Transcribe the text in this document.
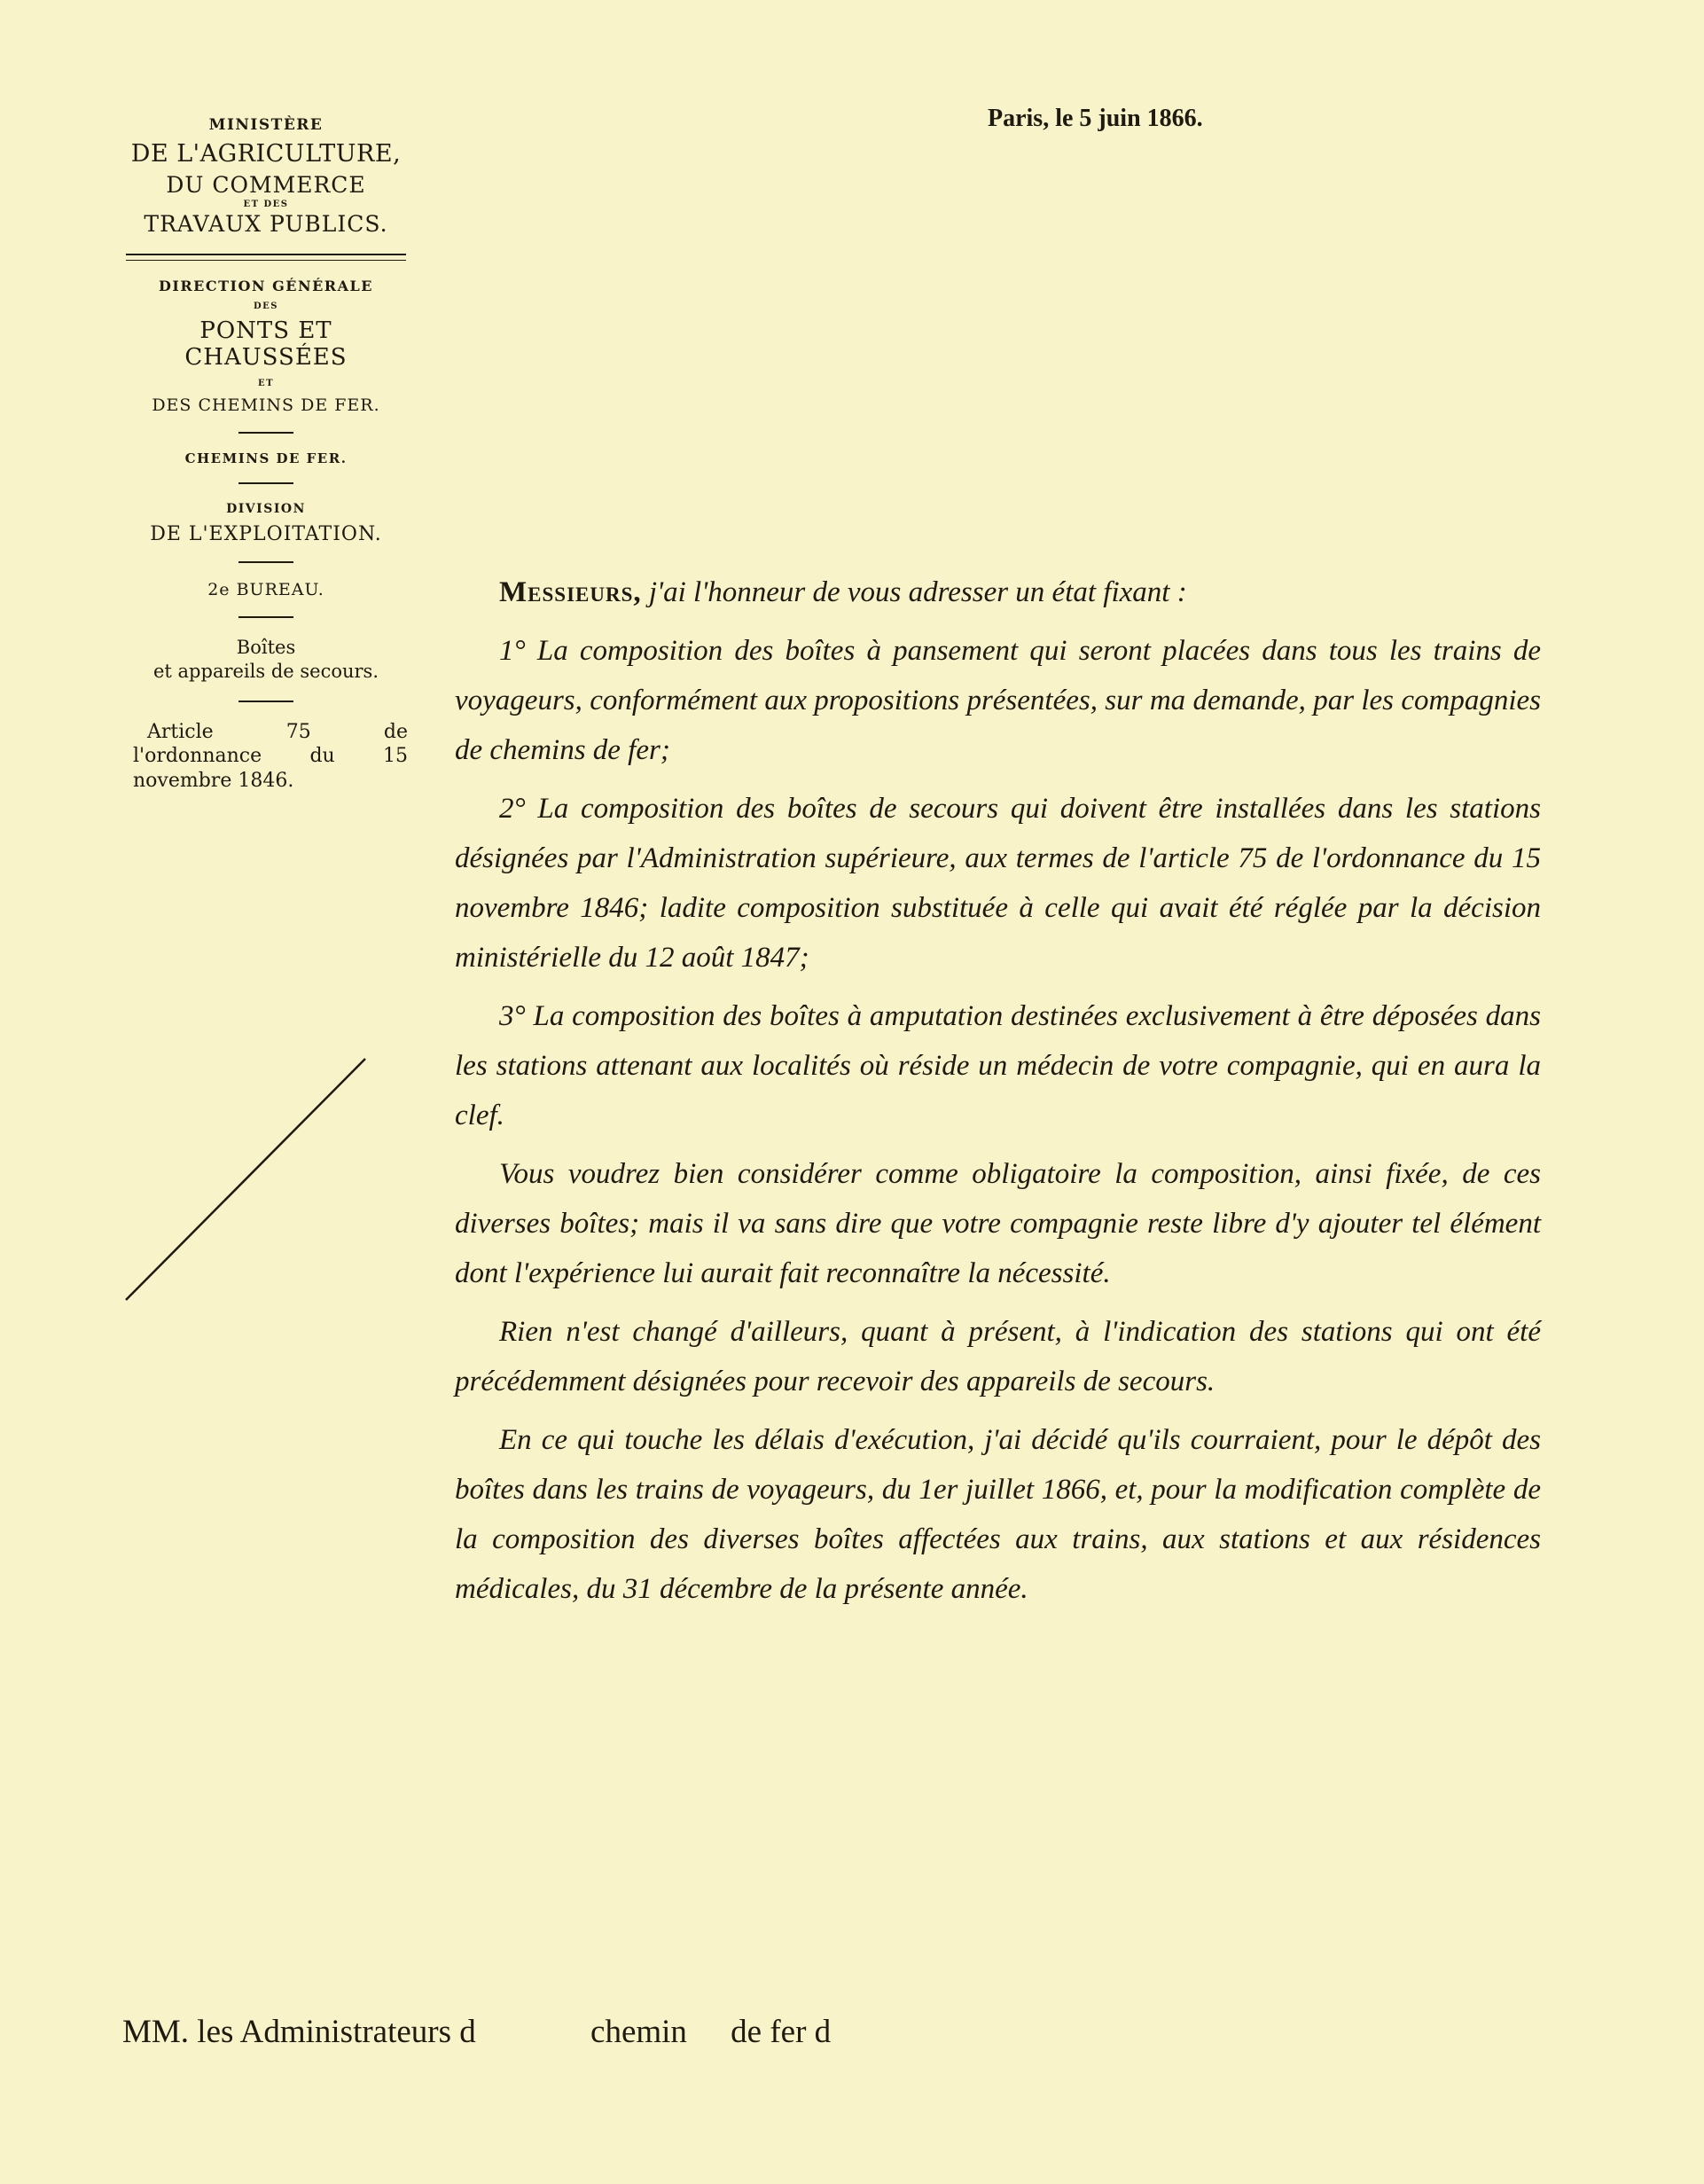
MINISTÈRE
DE L'AGRICULTURE,
DU COMMERCE
ET DES
TRAVAUX PUBLICS.
DIRECTION GÉNÉRALE
DES
PONTS ET CHAUSSÉES
ET
DES CHEMINS DE FER.
CHEMINS DE FER.
DIVISION
DE L'EXPLOITATION.
2e BUREAU.
Boîtes
et appareils de secours.

Article 75 de l'ordonnance du 15 novembre 1846.

Paris, le 5 juin 1866.

Messieurs, j'ai l'honneur de vous adresser un état fixant :

1° La composition des boîtes à pansement qui seront placées dans tous les trains de voyageurs, conformément aux propositions présentées, sur ma demande, par les compagnies de chemins de fer;

2° La composition des boîtes de secours qui doivent être installées dans les stations désignées par l'Administration supérieure, aux termes de l'article 75 de l'ordonnance du 15 novembre 1846; ladite composition substituée à celle qui avait été réglée par la décision ministérielle du 12 août 1847;

3° La composition des boîtes à amputation destinées exclusivement à être déposées dans les stations attenant aux localités où réside un médecin de votre compagnie, qui en aura la clef.

Vous voudrez bien considérer comme obligatoire la composition, ainsi fixée, de ces diverses boîtes; mais il va sans dire que votre compagnie reste libre d'y ajouter tel élément dont l'expérience lui aurait fait reconnaître la nécessité.

Rien n'est changé d'ailleurs, quant à présent, à l'indication des stations qui ont été précédemment désignées pour recevoir des appareils de secours.

En ce qui touche les délais d'exécution, j'ai décidé qu'ils courraient, pour le dépôt des boîtes dans les trains de voyageurs, du 1er juillet 1866, et, pour la modification complète de la composition des diverses boîtes affectées aux trains, aux stations et aux résidences médicales, du 31 décembre de la présente année.

MM. les Administrateurs d	chemin de fer d
